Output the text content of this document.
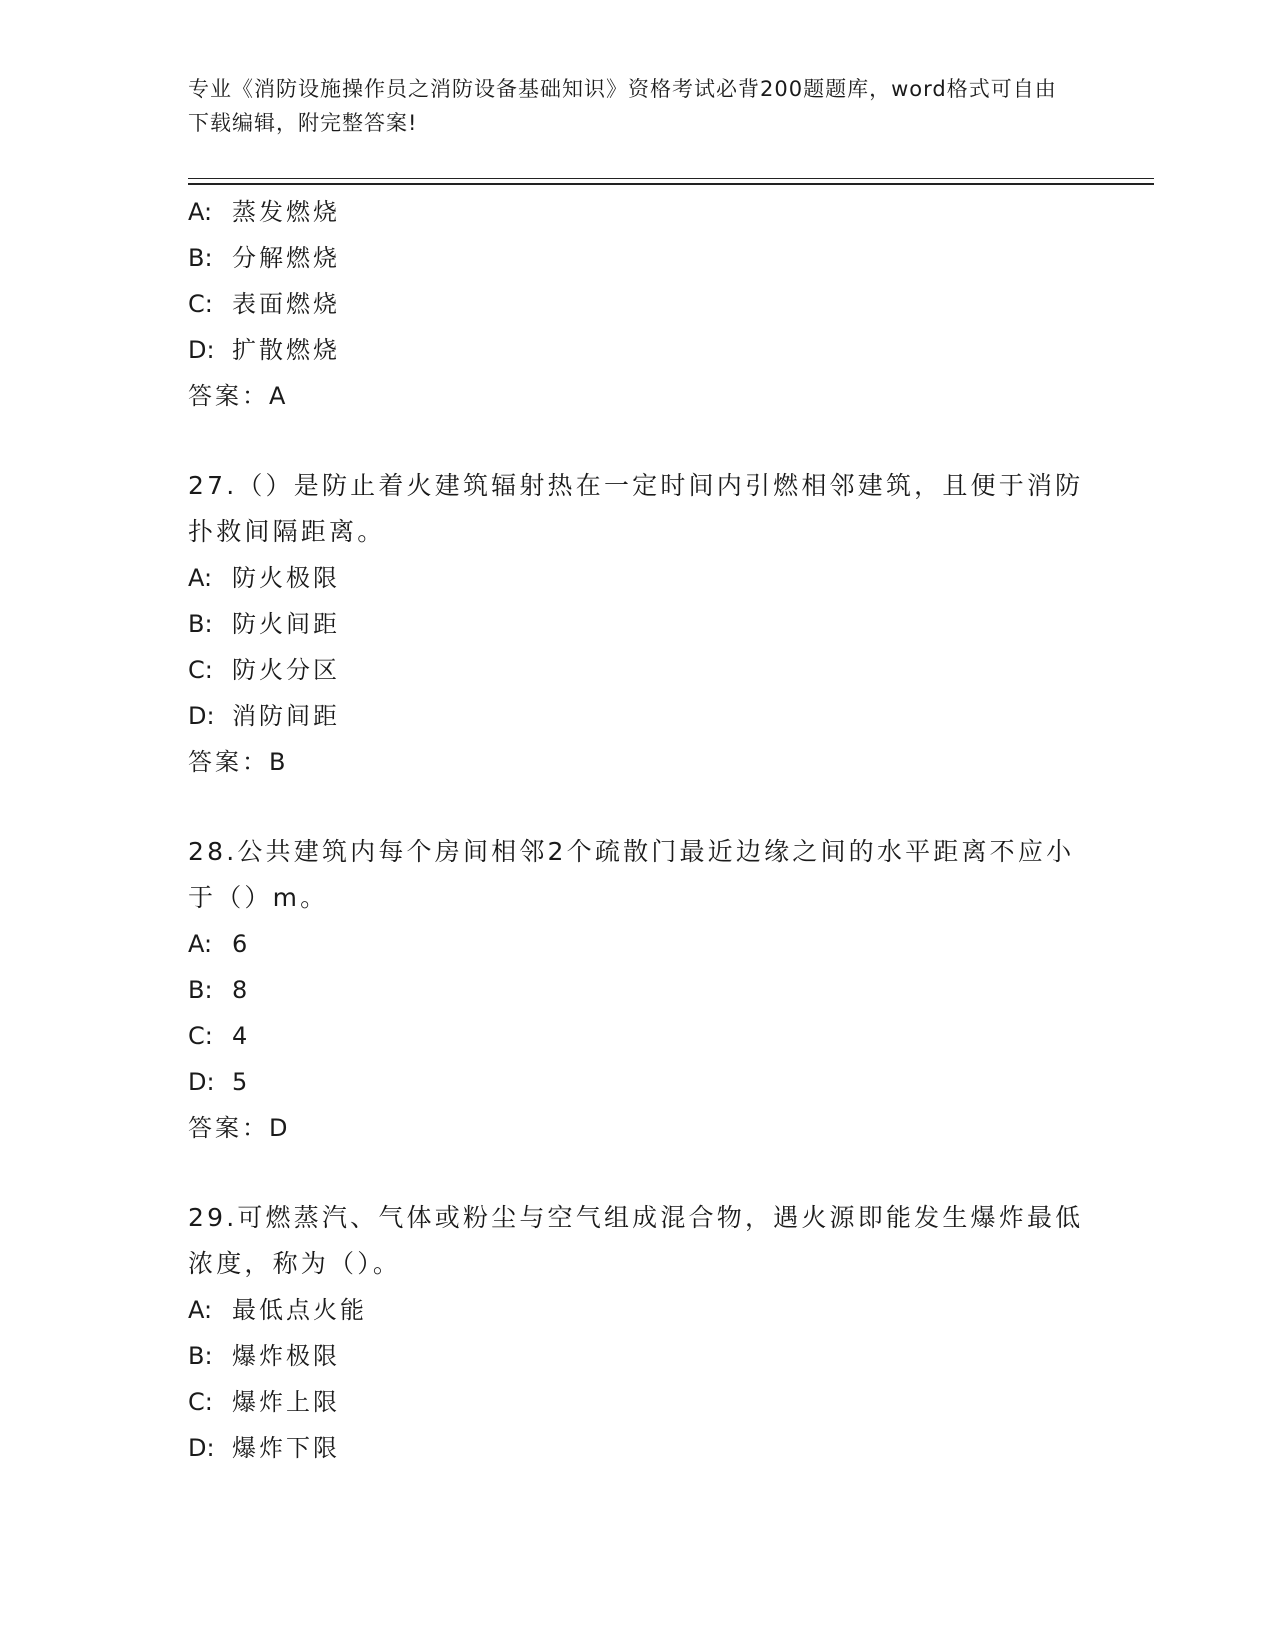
专业《消防设施操作员之消防设备基础知识》资格考试必背200题题库，word格式可自由下载编辑，附完整答案!
A: 蒸发燃烧
B: 分解燃烧
C: 表面燃烧
D: 扩散燃烧
答案：A
27.（）是防止着火建筑辐射热在一定时间内引燃相邻建筑，且便于消防扑救间隔距离。
A: 防火极限
B: 防火间距
C: 防火分区
D: 消防间距
答案：B
28.公共建筑内每个房间相邻2个疏散门最近边缘之间的水平距离不应小于（）m。
A: 6
B: 8
C: 4
D: 5
答案：D
29.可燃蒸汽、气体或粉尘与空气组成混合物，遇火源即能发生爆炸最低浓度，称为（）。
A: 最低点火能
B: 爆炸极限
C: 爆炸上限
D: 爆炸下限
